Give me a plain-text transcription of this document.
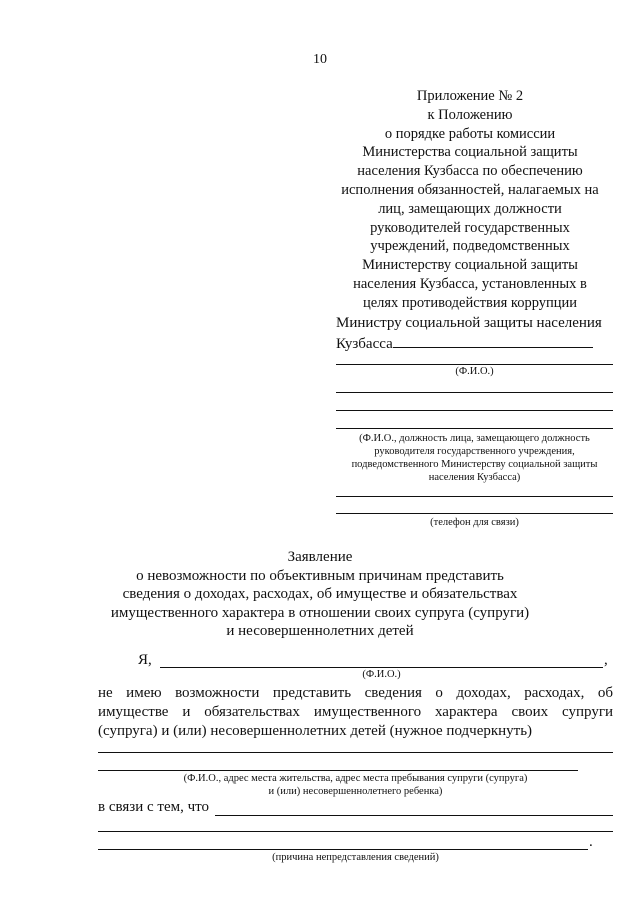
10
Приложение № 2
к Положению
о порядке работы комиссии
Министерства социальной защиты
населения Кузбасса по обеспечению
исполнения обязанностей, налагаемых на
лиц, замещающих должности
руководителей государственных
учреждений, подведомственных
Министерству социальной защиты
населения Кузбасса, установленных в
целях противодействия коррупции
Министру социальной защиты населения
Кузбасса
(Ф.И.О.)
(Ф.И.О., должность лица, замещающего должность
руководителя государственного учреждения,
подведомственного Министерству социальной защиты
населения Кузбасса)
(телефон для связи)
Заявление
о невозможности по объективным причинам представить
сведения о доходах, расходах, об имуществе и обязательствах
имущественного характера в отношении своих супруга (супруги)
и несовершеннолетних детей
Я,	,
(Ф.И.О.)
не имею возможности представить сведения о доходах, расходах, об
имуществе и обязательствах имущественного характера своих супруги
(супруга) и (или) несовершеннолетних детей (нужное подчеркнуть)
(Ф.И.О., адрес места жительства, адрес места пребывания супруги (супруга)
и (или) несовершеннолетнего ребенка)
в связи с тем, что
.
(причина непредставления сведений)
